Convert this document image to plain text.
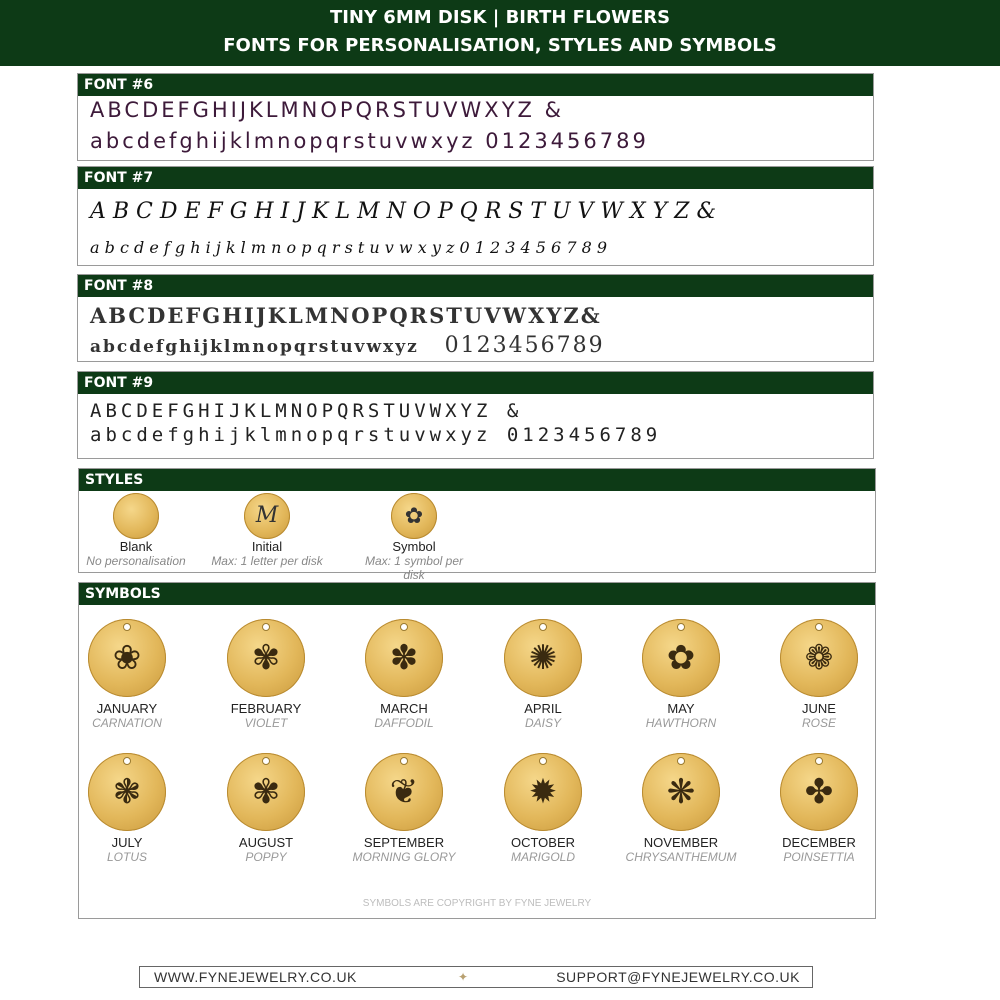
TINY 6MM DISK | BIRTH FLOWERS
FONTS FOR PERSONALISATION, STYLES AND SYMBOLS
FONT #6
ABCDEFGHIJKLMNOPQRSTUVWXYZ &
abcdefghijklmnopqrstuvwxyz 0123456789
FONT #7
A B C D E F G H I J K L M N O P Q R S T U V W X Y Z &
a b c d e f g h i j k l m n o p q r s t u v w x y z 0 1 2 3 4 5 6 7 8 9
FONT #8
ABCDEFGHIJKLMNOPQRSTUVWXYZ&
abcdefghijklmnopqrstuvwxyz 0123456789
FONT #9
ABCDEFGHIJKLMNOPQRSTUVWXYZ &
abcdefghijklmnopqrstuvwxyz 0123456789
STYLES
Blank
No personalisation
M
Initial
Max: 1 letter per disk
✿
Symbol
Max: 1 symbol per disk
SYMBOLS
❀
JANUARY
CARNATION
✾
FEBRUARY
VIOLET
✽
MARCH
DAFFODIL
✺
APRIL
DAISY
✿
MAY
HAWTHORN
❁
JUNE
ROSE
❃
JULY
LOTUS
✾
AUGUST
POPPY
❦
SEPTEMBER
MORNING GLORY
✹
OCTOBER
MARIGOLD
❋
NOVEMBER
CHRYSANTHEMUM
✤
DECEMBER
POINSETTIA
SYMBOLS ARE COPYRIGHT BY FYNE JEWELRY
WWW.FYNEJEWELRY.CO.UK	✦	SUPPORT@FYNEJEWELRY.CO.UK
